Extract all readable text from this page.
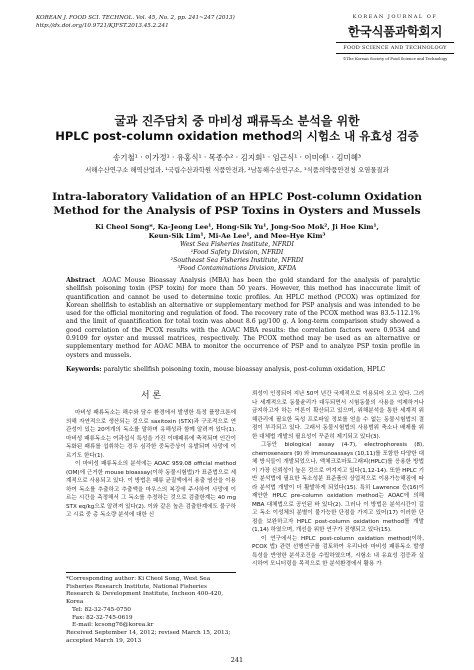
KOREAN J. FOOD SCI. TECHNOL. Vol. 45, No. 2, pp. 241~247 (2013)
http://dx.doi.org/10.9721/KJFST.2013.45.2.241
KOREAN JOURNAL OF
한국식품과학회지
FOOD SCIENCE AND TECHNOLOGY
©The Korean Society of Food Science and Technology
굴과 진주담치 중 마비성 패류독소 분석을 위한
HPLC post-column oxidation method의 시험소 내 유효성 검증
송기철¹ · 이가정¹ · 유홍식¹ · 목종수² · 김지회¹ · 임근식¹ · 이미애¹ · 김미혜³
서해수산연구소 해역산업과, ¹국립수산과학원 식품안전과, ²남동해수산연구소, ³식품의약품안전청 오염물질과
Intra-laboratory Validation of an HPLC Post-column Oxidation
Method for the Analysis of PSP Toxins in Oysters and Mussels
Ki Cheol Song*, Ka-Jeong Lee¹, Hong-Sik Yu¹, Jong-Soo Mok², Ji Hoe Kim¹,
Keun-Sik Lim¹, Mi-Ae Lee¹, and Mee-Hye Kim³
West Sea Fisheries Institute, NFRDI
¹Food Safety Division, NFRDI
²Southeast Sea Fisheries Institute, NFRDI
³Food Contaminations Division, KFDA
Abstract AOAC Mouse Bioassay Analysis (MBA) has been the gold standard for the analysis of paralytic shellfish poisoning toxin (PSP toxin) for more than 50 years. However, this method has inaccurate limit of quantification and cannot be used to determine toxic profiles. An HPLC method (PCOX) was optimized for Korean shellfish to establish an alternative or supplementary method for PSP analysis and was intended to be used for the official monitoring and regulation of food. The recovery rate of the PCOX method was 83.5-112.1% and the limit of quantification for total toxin was about 8.6 μg/100 g. A long-term comparison study showed a good correlation of the PCOX results with the AOAC MBA results: the correlation factors were 0.9534 and 0.9109 for oyster and mussel matrices, respectively. The PCOX method may be used as an alternative or supplementary method for AOAC MBA to monitor the occurrence of PSP and to analyze PSP toxin profile in oysters and mussels.
Keywords: paralytic shellfish poisoning toxin, mouse bioassay analysis, post-column oxidation, HPLC
서 론

마비성 패류독소는 해수와 담수 환경에서 발생한 특정 플랑크톤에 의해 자연적으로 생산되는 것으로 saxitoxin (STX)과 구조적으로 연관성이 있는 20여개의 독소를 말하며 유해성과 함께 알려져 있다(1). 마비성 패류독소는 여과섭식 특성을 가진 이매패류에 축적되며 인간이 독화된 패류를 섭취하는 경우 심각한 중독증상이 유발되며 사망에 이르기도 한다(1).

이 마비성 패류독소의 분석에는 AOAC 959.08 official method (OM)에 근거한 mouse bioassay(이하 동물시험법)가 표준법으로 세계적으로 사용되고 있다. 이 방법은 패류 균질액에서 용출 염산을 이용하여 독소를 추출하고 추출액을 마우스의 복강에 주사하여 사망에 이르는 시간을 측정해서 그 독소를 추정하는 것으로 검출한계는 40 mg STX eq/kg으로 알려져 있다(2). 이와 같은 높은 검출한계에도 불구하고 시료 중 총 독소량 분석에 대한 신

뢰성이 인정되어 지난 50여 년간 국제적으로 이용되어 오고 있다. 그러나 세계적으로 동물윤리가 대두되면서 시험동물의 사용을 억제하거나 금지하고자 하는 여론이 확산되고 있으며, 위해분석을 통한 세계적 위해관리에 필요한 독성 프로파일 정보를 얻을 수 없는 동물시험법의 결점이 부각되고 있다. 그래서 동물시험법의 사용범위 축소나 배제를 위한 대체법 개발의 필요성이 꾸준히 제기되고 있다(3).

그동안 biological assay (4-7), electrophoresis (8), chemosensors (9) 와 immunoassays (10,11)를 포함한 다양한 대체 방식들이 개발되었으나, 액체크로마토그래피(HPLC)를 응용한 방법이 가장 신뢰성이 높은 것으로 여겨지고 있다(1,12-14). 또한 HPLC 기반 분석법에 필요한 독소성분 표준품의 상업적으로 이용가능해짐에 따라 분석법 개발이 더 활발하게 되었다(15). 특히 Lawrence 등(16)이 제안한 HPLC pre-column oxidation method는 AOAC에 의해 MBA 대체법으로 공인된 바 있다(2). 그러나 이 방법은 분석시간이 길고 독소 이성체의 분별이 불가능한 단점을 가지고 있어(17) 이러한 단점을 보완하고자 HPLC post-column oxidation method를 개발(1,14) 하였으며, 개선을 위한 연구가 진행되고 있다(15).

이 연구에서는 HPLC post-column oxidation method(이하, PCOX 법) 관련 선행연구를 검토하여 우리나라 마비성 패류독소 발생특성을 반영한 분석조건을 수립하였으며, 시험소 내 유효성 검증과 실시하여 모니터링을 목적으로 한 분석환경에서 활용 가

*Corresponding author: Ki Cheol Song, West Sea Fisheries Research Institute, National Fisheries Research & Development Institute, Incheon 400-420, Korea
Tel: 82-32-745-0750
Fax: 82-32-745-0619
E-mail: kcsong76@korea.kr
Received September 14, 2012; revised March 15, 2013;
accepted March 19, 2013
241
